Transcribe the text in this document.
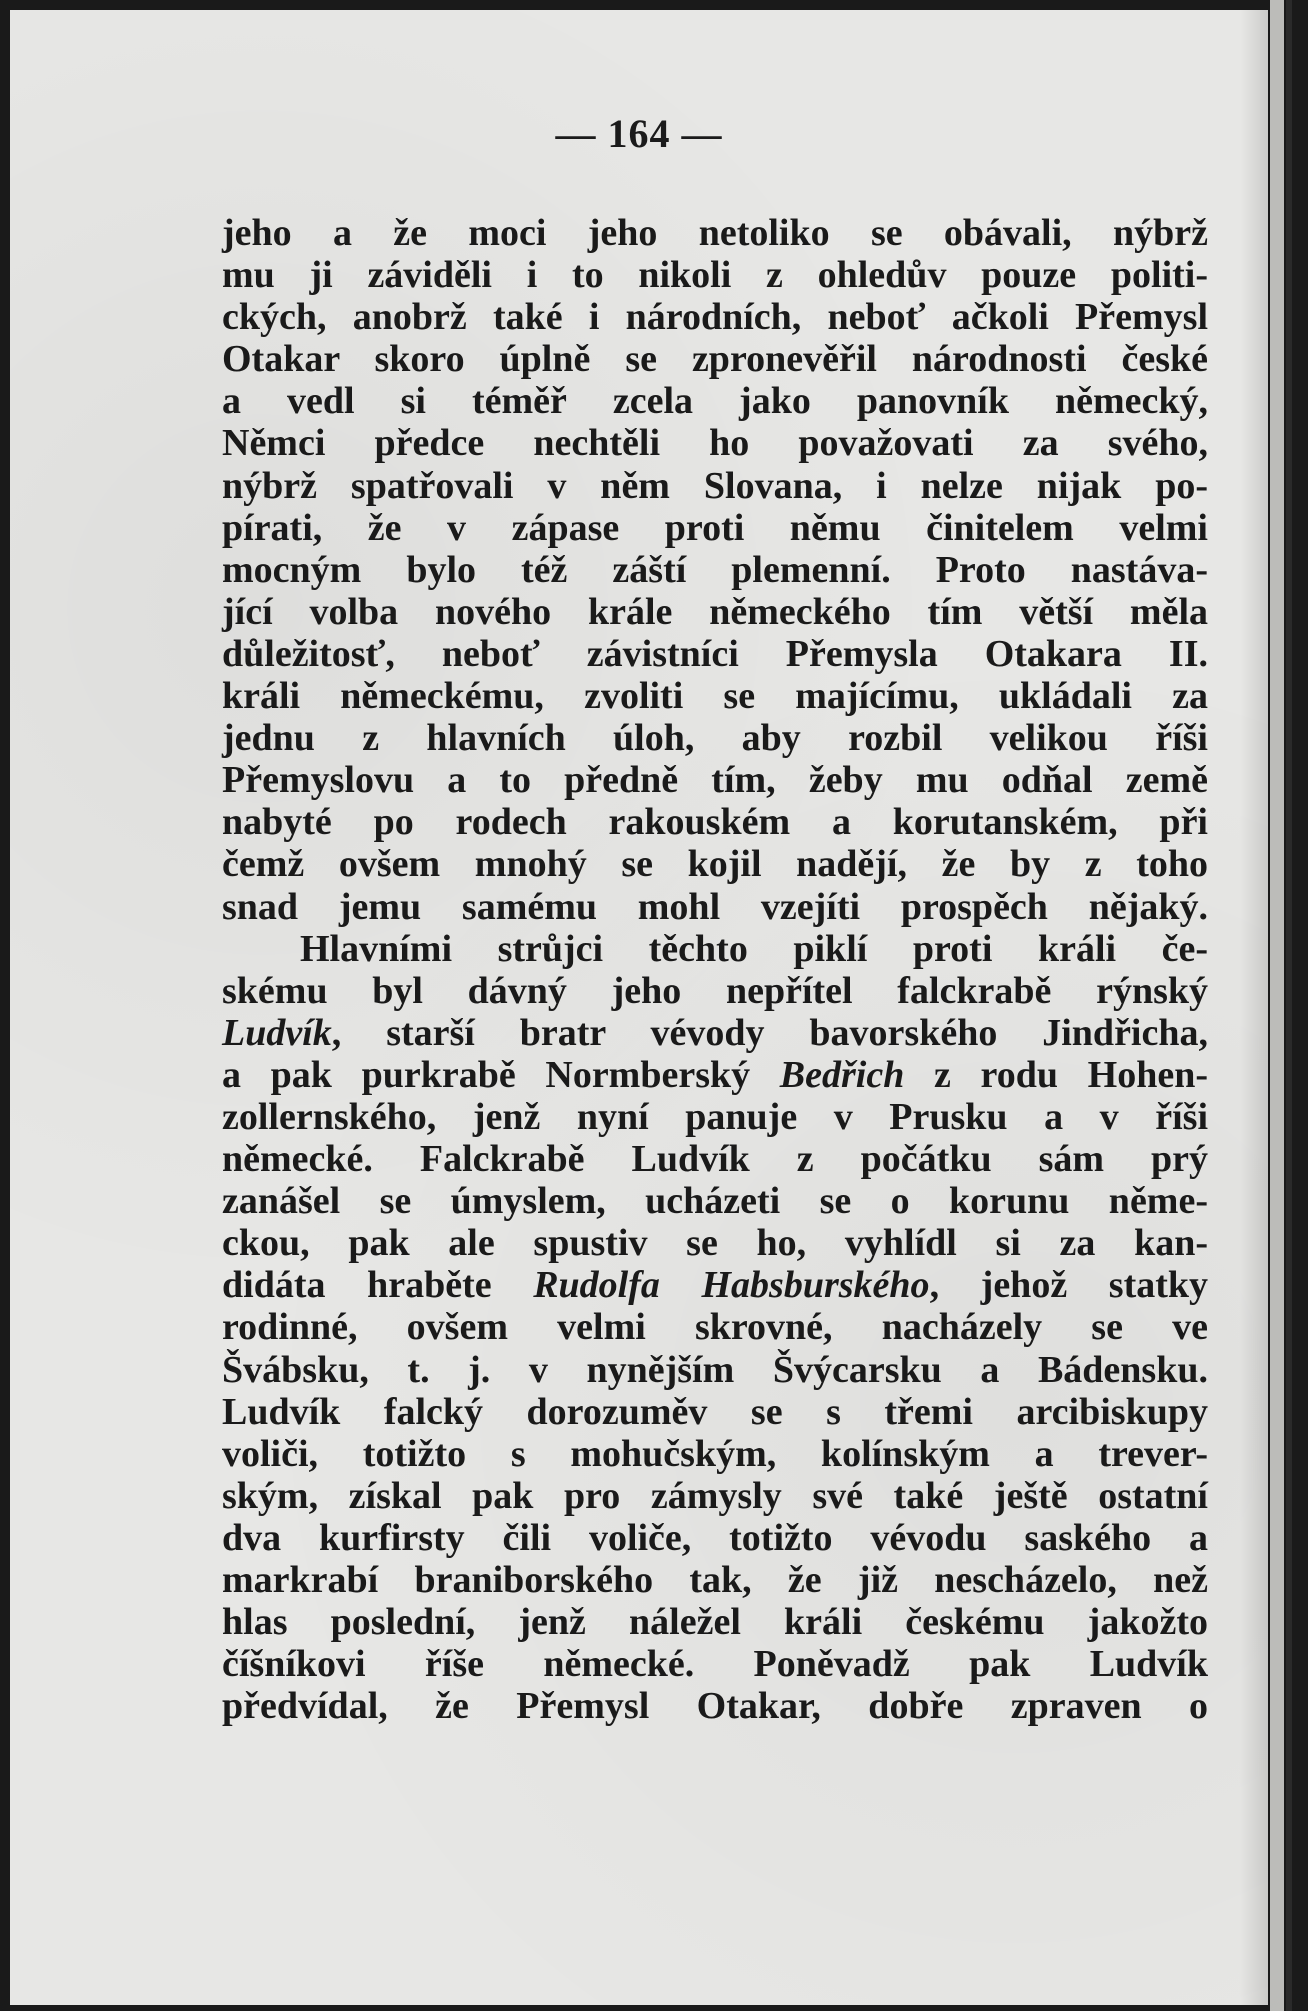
— 164 —
jeho a že moci jeho netoliko se obávali, nýbrž
mu ji záviděli i to nikoli z ohledův pouze politi-
ckých, anobrž také i národních, neboť ačkoli Přemysl
Otakar skoro úplně se zpronevěřil národnosti české
a vedl si téměř zcela jako panovník německý,
Němci předce nechtěli ho považovati za svého,
nýbrž spatřovali v něm Slovana, i nelze nijak po-
pírati, že v zápase proti němu činitelem velmi
mocným bylo též záští plemenní. Proto nastáva-
jící volba nového krále německého tím větší měla
důležitosť, neboť závistníci Přemysla Otakara II.
králi německému, zvoliti se majícímu, ukládali za
jednu z hlavních úloh, aby rozbil velikou říši
Přemyslovu a to předně tím, žeby mu odňal země
nabyté po rodech rakouském a korutanském, při
čemž ovšem mnohý se kojil nadějí, že by z toho
snad jemu samému mohl vzejíti prospěch nějaký.
Hlavními strůjci těchto piklí proti králi če-
skému byl dávný jeho nepřítel falckrabě rýnský
Ludvík, starší bratr vévody bavorského Jindřicha,
a pak purkrabě Normberský Bedřich z rodu Hohen-
zollernského, jenž nyní panuje v Prusku a v říši
německé. Falckrabě Ludvík z počátku sám prý
zanášel se úmyslem, ucházeti se o korunu něme-
ckou, pak ale spustiv se ho, vyhlídl si za kan-
didáta hraběte Rudolfa Habsburského, jehož statky
rodinné, ovšem velmi skrovné, nacházely se ve
Švábsku, t. j. v nynějším Švýcarsku a Bádensku.
Ludvík falcký dorozuměv se s třemi arcibiskupy
voliči, totižto s mohučským, kolínským a trever-
ským, získal pak pro zámysly své také ještě ostatní
dva kurfirsty čili voliče, totižto vévodu saského a
markrabí braniborského tak, že již nescházelo, než
hlas poslední, jenž náležel králi českému jakožto
číšníkovi říše německé. Poněvadž pak Ludvík
předvídal, že Přemysl Otakar, dobře zpraven o
